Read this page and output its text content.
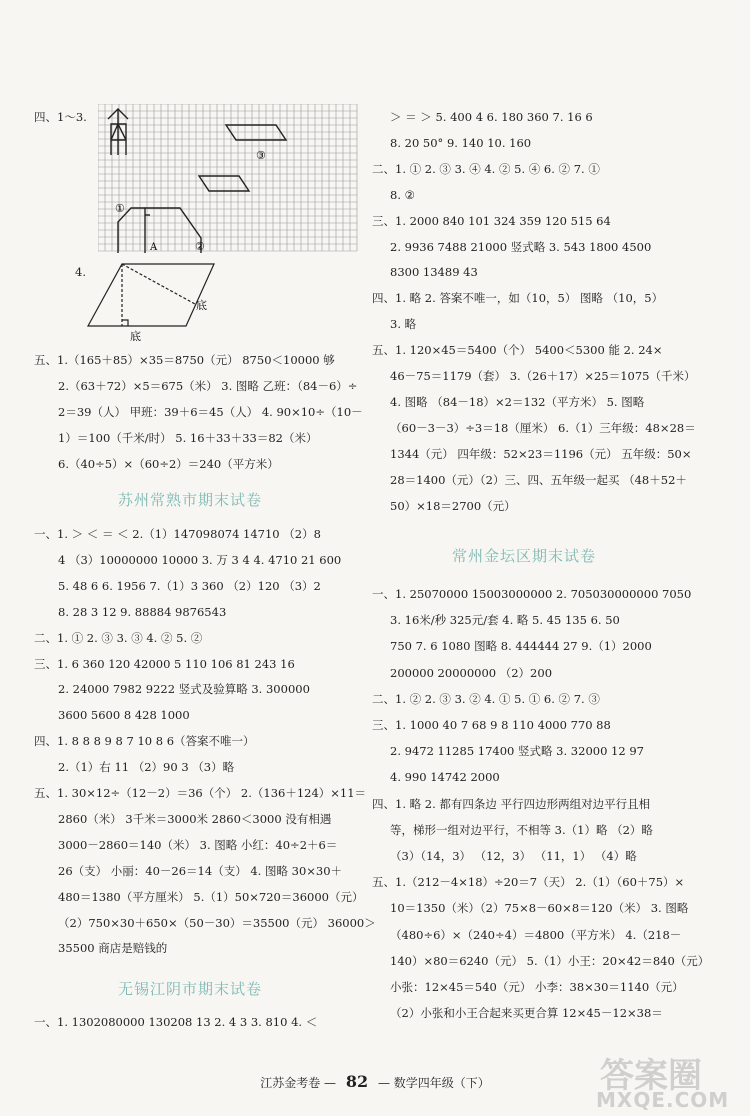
四、1～3.
①
②
③
A
4.
底
底
五、1.（165＋85）×35＝8750（元） 8750＜10000 够
2.（63＋72）×5＝675（米） 3. 图略 乙班：（84－6）÷
2＝39（人） 甲班：39＋6＝45（人） 4. 90×10÷（10－
1）＝100（千米/时） 5. 16＋33＋33＝82（米）
6.（40÷5）×（60÷2）＝240（平方米）
苏州常熟市期末试卷
一、1. ＞ ＜ ＝ ＜ 2.（1）147098074 14710 （2）8
4 （3）10000000 10000 3. 万 3 4 4. 4710 21 600
5. 48 6 6. 1956 7.（1）3 360 （2）120 （3）2
8. 28 3 12 9. 88884 9876543
二、1. ① 2. ③ 3. ③ 4. ② 5. ②
三、1. 6 360 120 42000 5 110 106 81 243 16
2. 24000 7982 9222 竖式及验算略 3. 300000
3600 5600 8 428 1000
四、1. 8 8 8 9 8 7 10 8 6（答案不唯一）
2.（1）右 11 （2）90 3 （3）略
五、1. 30×12÷（12－2）＝36（个） 2.（136＋124）×11＝
2860（米） 3千米＝3000米 2860＜3000 没有相遇
3000－2860＝140（米） 3. 图略 小红：40÷2＋6＝
26（支） 小丽：40－26＝14（支） 4. 图略 30×30＋
480＝1380（平方厘米） 5.（1）50×720＝36000（元）
（2）750×30＋650×（50－30）＝35500（元） 36000＞
35500 商店是赔钱的
无锡江阴市期末试卷
一、1. 1302080000 130208 13 2. 4 3 3. 810 4. ＜
＞ ＝ ＞ 5. 400 4 6. 180 360 7. 16 6
8. 20 50° 9. 140 10. 160
二、1. ① 2. ③ 3. ④ 4. ② 5. ④ 6. ② 7. ①
8. ②
三、1. 2000 840 101 324 359 120 515 64
2. 9936 7488 21000 竖式略 3. 543 1800 4500
8300 13489 43
四、1. 略 2. 答案不唯一，如（10，5） 图略 （10，5）
3. 略
五、1. 120×45＝5400（个） 5400＜5300 能 2. 24×
46－75＝1179（套） 3.（26＋17）×25＝1075（千米）
4. 图略 （84－18）×2＝132（平方米） 5. 图略
（60－3－3）÷3＝18（厘米） 6.（1）三年级：48×28＝
1344（元） 四年级：52×23＝1196（元） 五年级：50×
28＝1400（元）（2）三、四、五年级一起买 （48＋52＋
50）×18＝2700（元）
常州金坛区期末试卷
一、1. 25070000 15003000000 2. 705030000000 7050
3. 16米/秒 325元/套 4. 略 5. 45 135 6. 50
750 7. 6 1080 图略 8. 444444 27 9.（1）2000
200000 20000000 （2）200
二、1. ② 2. ③ 3. ② 4. ① 5. ① 6. ② 7. ③
三、1. 1000 40 7 68 9 8 110 4000 770 88
2. 9472 11285 17400 竖式略 3. 32000 12 97
4. 990 14742 2000
四、1. 略 2. 都有四条边 平行四边形两组对边平行且相
等，梯形一组对边平行，不相等 3.（1）略 （2）略
（3）（14，3） （12，3） （11，1） （4）略
五、1.（212－4×18）÷20＝7（天） 2.（1）（60＋75）×
10＝1350（米）（2）75×8－60×8＝120（米） 3. 图略
（480÷6）×（240÷4）＝4800（平方米） 4.（218－
140）×80＝6240（元） 5.（1）小王：20×42＝840（元）
小张：12×45＝540（元） 小李：38×30＝1140（元）
（2）小张和小王合起来买更合算 12×45－12×38＝
江苏金考卷 — 82 — 数学四年级（下）	答案圈
MXQE.COM
